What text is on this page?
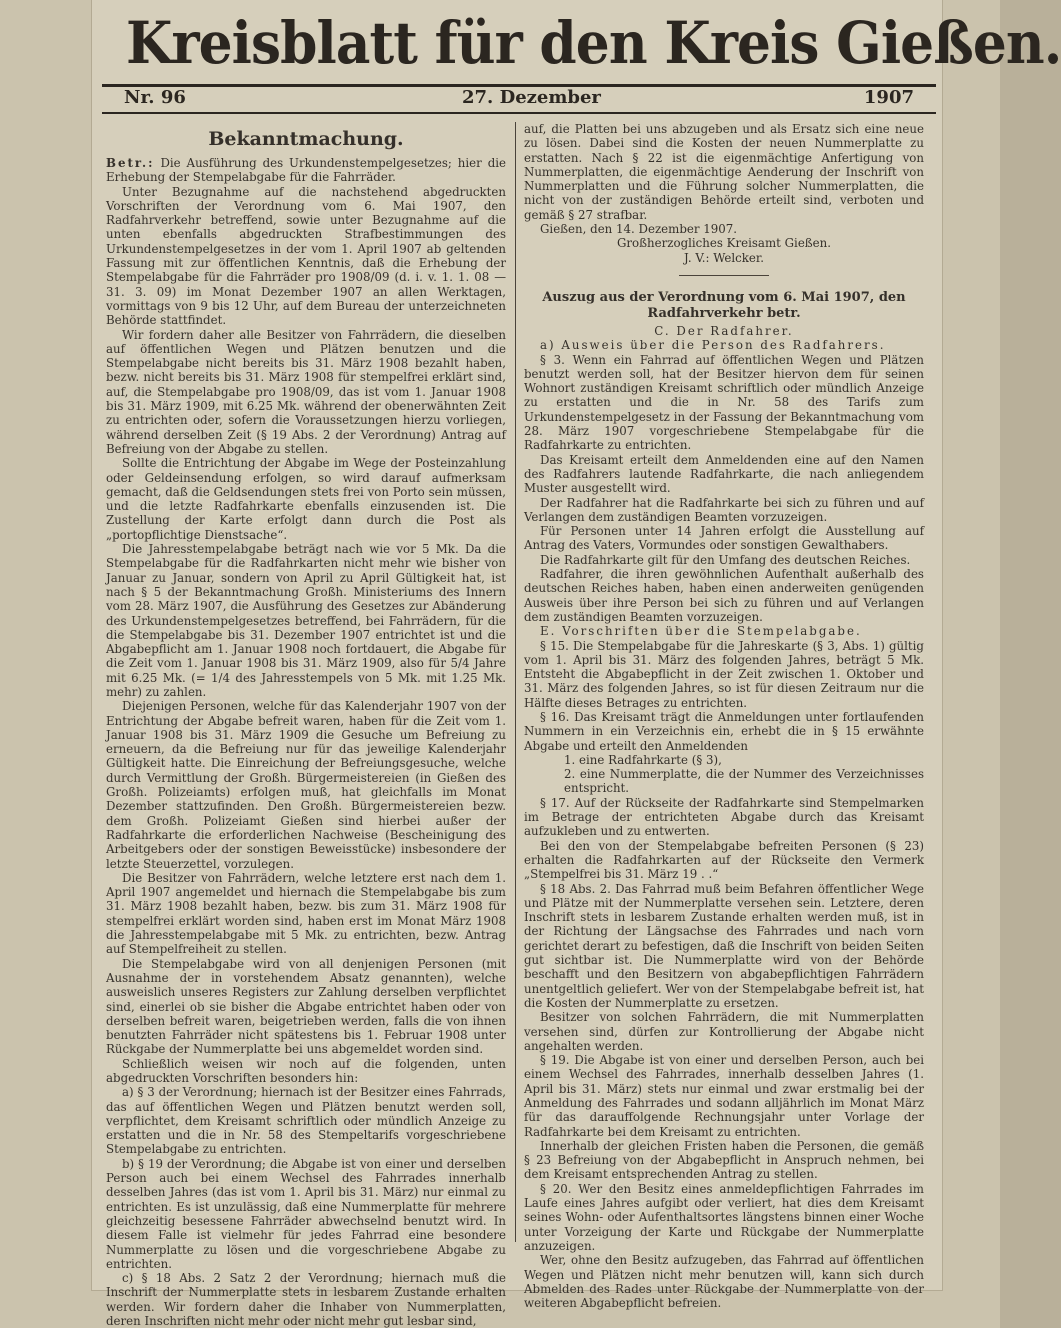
Kreisblatt für den Kreis Gießen.
Nr. 96	27. Dezember	1907
Bekanntmachung.

Betr.: Die Ausführung des Urkundenstempelgesetzes; hier die Erhebung der Stempelabgabe für die Fahrräder.

Unter Bezugnahme auf die nachstehend abgedruckten Vorschriften der Verordnung vom 6. Mai 1907, den Radfahrverkehr betreffend, sowie unter Bezugnahme auf die unten ebenfalls abgedruckten Strafbestimmungen des Urkundenstempelgesetzes in der vom 1. April 1907 ab geltenden Fassung mit zur öffentlichen Kenntnis, daß die Erhebung der Stempelabgabe für die Fahrräder pro 1908/09 (d. i. v. 1. 1. 08 — 31. 3. 09) im Monat Dezember 1907 an allen Werktagen, vormittags von 9 bis 12 Uhr, auf dem Bureau der unterzeichneten Behörde stattfindet.

Wir fordern daher alle Besitzer von Fahrrädern, die dieselben auf öffentlichen Wegen und Plätzen benutzen und die Stempelabgabe nicht bereits bis 31. März 1908 bezahlt haben, bezw. nicht bereits bis 31. März 1908 für stempelfrei erklärt sind, auf, die Stempelabgabe pro 1908/09, das ist vom 1. Januar 1908 bis 31. März 1909, mit 6.25 Mk. während der obenerwähnten Zeit zu entrichten oder, sofern die Voraussetzungen hierzu vorliegen, während derselben Zeit (§ 19 Abs. 2 der Verordnung) Antrag auf Befreiung von der Abgabe zu stellen.

Sollte die Entrichtung der Abgabe im Wege der Posteinzahlung oder Geldeinsendung erfolgen, so wird darauf aufmerksam gemacht, daß die Geldsendungen stets frei von Porto sein müssen, und die letzte Radfahrkarte ebenfalls einzusenden ist. Die Zustellung der Karte erfolgt dann durch die Post als „portopflichtige Dienstsache“.

Die Jahresstempelabgabe beträgt nach wie vor 5 Mk. Da die Stempelabgabe für die Radfahrkarten nicht mehr wie bisher von Januar zu Januar, sondern von April zu April Gültigkeit hat, ist nach § 5 der Bekanntmachung Großh. Ministeriums des Innern vom 28. März 1907, die Ausführung des Gesetzes zur Abänderung des Urkundenstempelgesetzes betreffend, bei Fahrrädern, für die die Stempelabgabe bis 31. Dezember 1907 entrichtet ist und die Abgabepflicht am 1. Januar 1908 noch fortdauert, die Abgabe für die Zeit vom 1. Januar 1908 bis 31. März 1909, also für 5/4 Jahre mit 6.25 Mk. (= 1/4 des Jahresstempels von 5 Mk. mit 1.25 Mk. mehr) zu zahlen.

Diejenigen Personen, welche für das Kalenderjahr 1907 von der Entrichtung der Abgabe befreit waren, haben für die Zeit vom 1. Januar 1908 bis 31. März 1909 die Gesuche um Befreiung zu erneuern, da die Befreiung nur für das jeweilige Kalenderjahr Gültigkeit hatte. Die Einreichung der Befreiungsgesuche, welche durch Vermittlung der Großh. Bürgermeistereien (in Gießen des Großh. Polizeiamts) erfolgen muß, hat gleichfalls im Monat Dezember stattzufinden. Den Großh. Bürgermeistereien bezw. dem Großh. Polizeiamt Gießen sind hierbei außer der Radfahrkarte die erforderlichen Nachweise (Bescheinigung des Arbeitgebers oder der sonstigen Beweisstücke) insbesondere der letzte Steuerzettel, vorzulegen.

Die Besitzer von Fahrrädern, welche letztere erst nach dem 1. April 1907 angemeldet und hiernach die Stempelabgabe bis zum 31. März 1908 bezahlt haben, bezw. bis zum 31. März 1908 für stempelfrei erklärt worden sind, haben erst im Monat März 1908 die Jahresstempelabgabe mit 5 Mk. zu entrichten, bezw. Antrag auf Stempelfreiheit zu stellen.

Die Stempelabgabe wird von all denjenigen Personen (mit Ausnahme der in vorstehendem Absatz genannten), welche ausweislich unseres Registers zur Zahlung derselben verpflichtet sind, einerlei ob sie bisher die Abgabe entrichtet haben oder von derselben befreit waren, beigetrieben werden, falls die von ihnen benutzten Fahrräder nicht spätestens bis 1. Februar 1908 unter Rückgabe der Nummerplatte bei uns abgemeldet worden sind.

Schließlich weisen wir noch auf die folgenden, unten abgedruckten Vorschriften besonders hin:

a) § 3 der Verordnung; hiernach ist der Besitzer eines Fahrrads, das auf öffentlichen Wegen und Plätzen benutzt werden soll, verpflichtet, dem Kreisamt schriftlich oder mündlich Anzeige zu erstatten und die in Nr. 58 des Stempeltarifs vorgeschriebene Stempelabgabe zu entrichten.

b) § 19 der Verordnung; die Abgabe ist von einer und derselben Person auch bei einem Wechsel des Fahrrades innerhalb desselben Jahres (das ist vom 1. April bis 31. März) nur einmal zu entrichten. Es ist unzulässig, daß eine Nummerplatte für mehrere gleichzeitig besessene Fahrräder abwechselnd benutzt wird. In diesem Falle ist vielmehr für jedes Fahrrad eine besondere Nummerplatte zu lösen und die vorgeschriebene Abgabe zu entrichten.

c) § 18 Abs. 2 Satz 2 der Verordnung; hiernach muß die Inschrift der Nummerplatte stets in lesbarem Zustande erhalten werden. Wir fordern daher die Inhaber von Nummerplatten, deren Inschriften nicht mehr oder nicht mehr gut lesbar sind,

auf, die Platten bei uns abzugeben und als Ersatz sich eine neue zu lösen. Dabei sind die Kosten der neuen Nummerplatte zu erstatten. Nach § 22 ist die eigenmächtige Anfertigung von Nummerplatten, die eigenmächtige Aenderung der Inschrift von Nummerplatten und die Führung solcher Nummerplatten, die nicht von der zuständigen Behörde erteilt sind, verboten und gemäß § 27 strafbar.

Gießen, den 14. Dezember 1907.

Großherzogliches Kreisamt Gießen.

J. V.: Welcker.

Auszug aus der Verordnung vom 6. Mai 1907, den Radfahrverkehr betr.

C. Der Radfahrer.

a) Ausweis über die Person des Radfahrers.

§ 3. Wenn ein Fahrrad auf öffentlichen Wegen und Plätzen benutzt werden soll, hat der Besitzer hiervon dem für seinen Wohnort zuständigen Kreisamt schriftlich oder mündlich Anzeige zu erstatten und die in Nr. 58 des Tarifs zum Urkundenstempelgesetz in der Fassung der Bekanntmachung vom 28. März 1907 vorgeschriebene Stempelabgabe für die Radfahrkarte zu entrichten.

Das Kreisamt erteilt dem Anmeldenden eine auf den Namen des Radfahrers lautende Radfahrkarte, die nach anliegendem Muster ausgestellt wird.

Der Radfahrer hat die Radfahrkarte bei sich zu führen und auf Verlangen dem zuständigen Beamten vorzuzeigen.

Für Personen unter 14 Jahren erfolgt die Ausstellung auf Antrag des Vaters, Vormundes oder sonstigen Gewalthabers.

Die Radfahrkarte gilt für den Umfang des deutschen Reiches.

Radfahrer, die ihren gewöhnlichen Aufenthalt außerhalb des deutschen Reiches haben, haben einen anderweiten genügenden Ausweis über ihre Person bei sich zu führen und auf Verlangen dem zuständigen Beamten vorzuzeigen.

E. Vorschriften über die Stempelabgabe.

§ 15. Die Stempelabgabe für die Jahreskarte (§ 3, Abs. 1) gültig vom 1. April bis 31. März des folgenden Jahres, beträgt 5 Mk. Entsteht die Abgabepflicht in der Zeit zwischen 1. Oktober und 31. März des folgenden Jahres, so ist für diesen Zeitraum nur die Hälfte dieses Betrages zu entrichten.

§ 16. Das Kreisamt trägt die Anmeldungen unter fortlaufenden Nummern in ein Verzeichnis ein, erhebt die in § 15 erwähnte Abgabe und erteilt den Anmeldenden

1. eine Radfahrkarte (§ 3),

2. eine Nummerplatte, die der Nummer des Verzeichnisses entspricht.

§ 17. Auf der Rückseite der Radfahrkarte sind Stempelmarken im Betrage der entrichteten Abgabe durch das Kreisamt aufzukleben und zu entwerten.

Bei den von der Stempelabgabe befreiten Personen (§ 23) erhalten die Radfahrkarten auf der Rückseite den Vermerk „Stempelfrei bis 31. März 19 . .“

§ 18 Abs. 2. Das Fahrrad muß beim Befahren öffentlicher Wege und Plätze mit der Nummerplatte versehen sein. Letztere, deren Inschrift stets in lesbarem Zustande erhalten werden muß, ist in der Richtung der Längsachse des Fahrrades und nach vorn gerichtet derart zu befestigen, daß die Inschrift von beiden Seiten gut sichtbar ist. Die Nummerplatte wird von der Behörde beschafft und den Besitzern von abgabepflichtigen Fahrrädern unentgeltlich geliefert. Wer von der Stempelabgabe befreit ist, hat die Kosten der Nummerplatte zu ersetzen.

Besitzer von solchen Fahrrädern, die mit Nummerplatten versehen sind, dürfen zur Kontrollierung der Abgabe nicht angehalten werden.

§ 19. Die Abgabe ist von einer und derselben Person, auch bei einem Wechsel des Fahrrades, innerhalb desselben Jahres (1. April bis 31. März) stets nur einmal und zwar erstmalig bei der Anmeldung des Fahrrades und sodann alljährlich im Monat März für das darauffolgende Rechnungsjahr unter Vorlage der Radfahrkarte bei dem Kreisamt zu entrichten.

Innerhalb der gleichen Fristen haben die Personen, die gemäß § 23 Befreiung von der Abgabepflicht in Anspruch nehmen, bei dem Kreisamt entsprechenden Antrag zu stellen.

§ 20. Wer den Besitz eines anmeldepflichtigen Fahrrades im Laufe eines Jahres aufgibt oder verliert, hat dies dem Kreisamt seines Wohn- oder Aufenthaltsortes längstens binnen einer Woche unter Vorzeigung der Karte und Rückgabe der Nummerplatte anzuzeigen.

Wer, ohne den Besitz aufzugeben, das Fahrrad auf öffentlichen Wegen und Plätzen nicht mehr benutzen will, kann sich durch Abmelden des Rades unter Rückgabe der Nummerplatte von der weiteren Abgabepflicht befreien.
